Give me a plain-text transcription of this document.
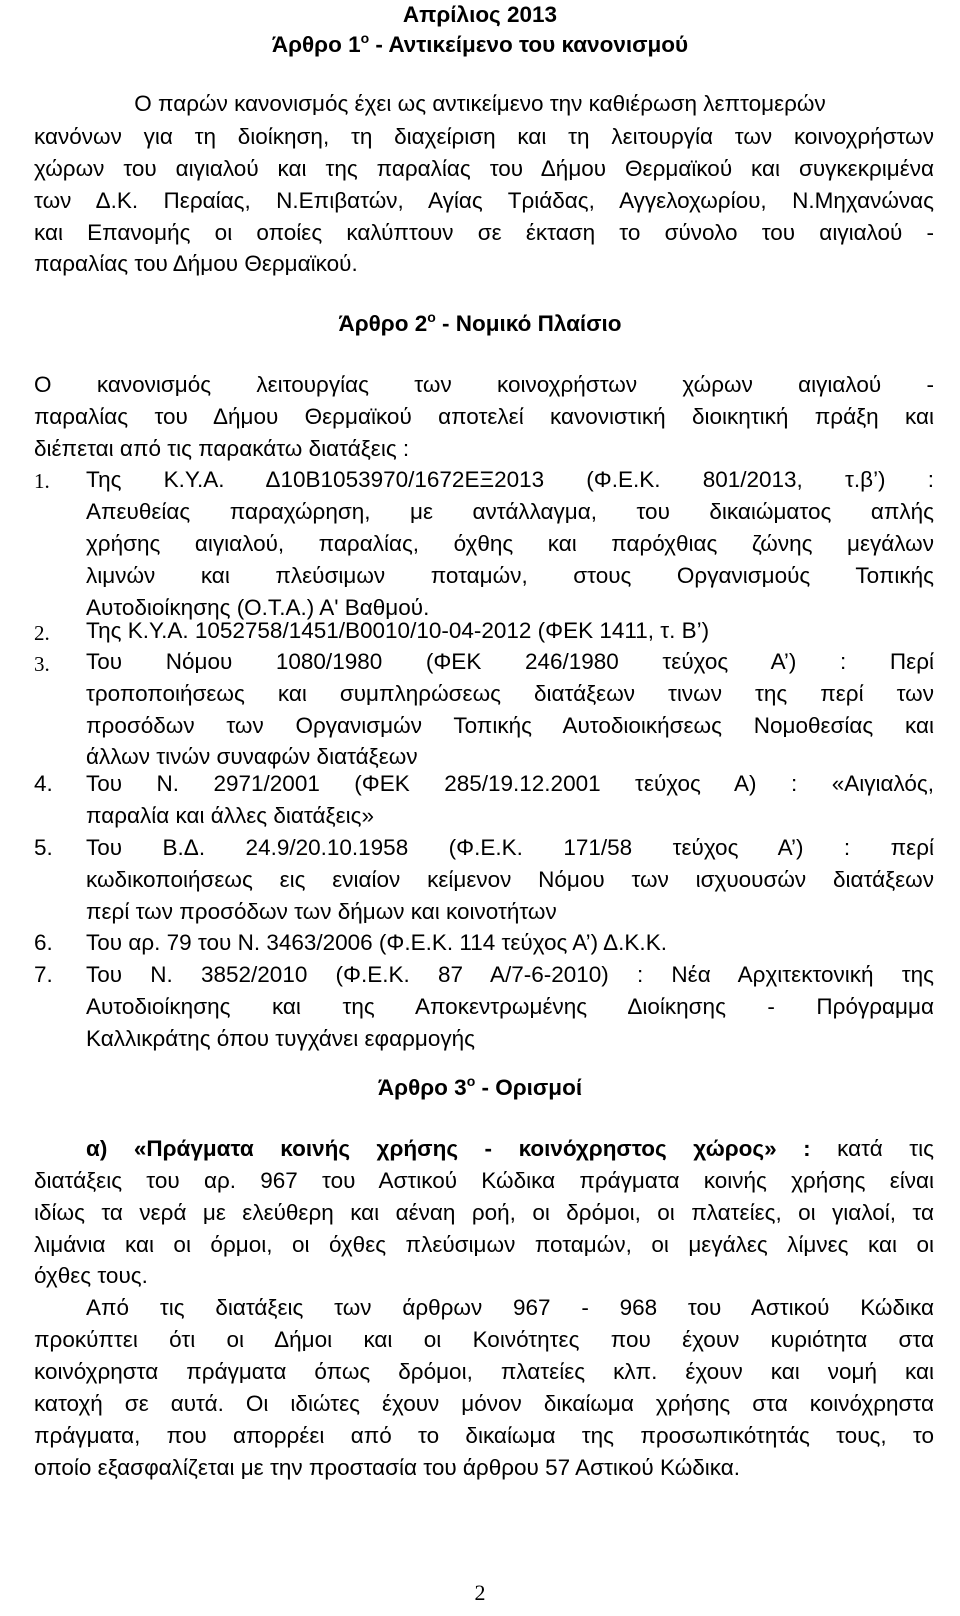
Απρίλιος 2013
Άρθρο $1^o$ - Αντικείμενο του κανονισμού
Ο παρών κανονισμός έχει ως αντικείμενο την καθιέρωση λεπτομερών
κανόνων για τη διοίκηση, τη διαχείριση και τη λειτουργία των κοινοχρήστων
χώρων του αιγιαλού και της παραλίας του Δήμου Θερμαϊκού και συγκεκριμένα
των Δ.Κ. Περαίας, Ν.Επιβατών, Αγίας Τριάδας, Αγγελοχωρίου, Ν.Μηχανώνας
και Επανομής οι οποίες καλύπτουν σε έκταση το σύνολο του αιγιαλού -
παραλίας του Δήμου Θερμαϊκού.
Άρθρο $2^o$ - Νομικό Πλαίσιο
Ο κανονισμός λειτουργίας των κοινοχρήστων χώρων αιγιαλού -
παραλίας του Δήμου Θερμαϊκού αποτελεί κανονιστική διοικητική πράξη και
διέπεται από τις παρακάτω διατάξεις :
1. Της Κ.Υ.Α. Δ10Β1053970/1672ΕΞ2013 (Φ.Ε.Κ. 801/2013, τ.β’) :
Απευθείας παραχώρηση, με αντάλλαγμα, του δικαιώματος απλής
χρήσης αιγιαλού, παραλίας, όχθης και παρόχθιας ζώνης μεγάλων
λιμνών και πλεύσιμων ποταμών, στους Οργανισμούς Τοπικής
Αυτοδιοίκησης (Ο.Τ.Α.) Α' Βαθμού.
2. Της Κ.Υ.Α. 1052758/1451/Β0010/10-04-2012 (ΦΕΚ 1411, τ. Β’)
3. Του Νόμου 1080/1980 (ΦΕΚ 246/1980 τεύχος Α’) : Περί
τροποποιήσεως και συμπληρώσεως διατάξεων τινων της περί των
προσόδων των Οργανισμών Τοπικής Αυτοδιοικήσεως Νομοθεσίας και
άλλων τινών συναφών διατάξεων
4. Του Ν. 2971/2001 (ΦΕΚ 285/19.12.2001 τεύχος Α) : «Αιγιαλός,
παραλία και άλλες διατάξεις»
5. Του Β.Δ. 24.9/20.10.1958 (Φ.Ε.Κ. 171/58 τεύχος Α’) : περί
κωδικοποιήσεως εις ενιαίον κείμενον Νόμου των ισχυουσών διατάξεων
περί των προσόδων των δήμων και κοινοτήτων
6. Του αρ. 79 του Ν. 3463/2006 (Φ.Ε.Κ. 114 τεύχος Α’) Δ.Κ.Κ.
7. Του Ν. 3852/2010 (Φ.Ε.Κ. 87 Α/7-6-2010) : Νέα Αρχιτεκτονική της
Αυτοδιοίκησης και της Αποκεντρωμένης Διοίκησης - Πρόγραμμα
Καλλικράτης όπου τυγχάνει εφαρμογής
Άρθρο $3^o$ - Ορισμοί
α) «Πράγματα κοινής χρήσης - κοινόχρηστος χώρος» : κατά τις
διατάξεις του αρ. 967 του Αστικού Κώδικα πράγματα κοινής χρήσης είναι
ιδίως τα νερά με ελεύθερη και αέναη ροή, οι δρόμοι, οι πλατείες, οι γιαλοί, τα
λιμάνια και οι όρμοι, οι όχθες πλεύσιμων ποταμών, οι μεγάλες λίμνες και οι
όχθες τους.
Από τις διατάξεις των άρθρων 967 - 968 του Αστικού Κώδικα
προκύπτει ότι οι Δήμοι και οι Κοινότητες που έχουν κυριότητα στα
κοινόχρηστα πράγματα όπως δρόμοι, πλατείες κλπ. έχουν και νομή και
κατοχή σε αυτά. Οι ιδιώτες έχουν μόνον δικαίωμα χρήσης στα κοινόχρηστα
πράγματα, που απορρέει από το δικαίωμα της προσωπικότητάς τους, το
οποίο εξασφαλίζεται με την προστασία του άρθρου 57 Αστικού Κώδικα.
2
